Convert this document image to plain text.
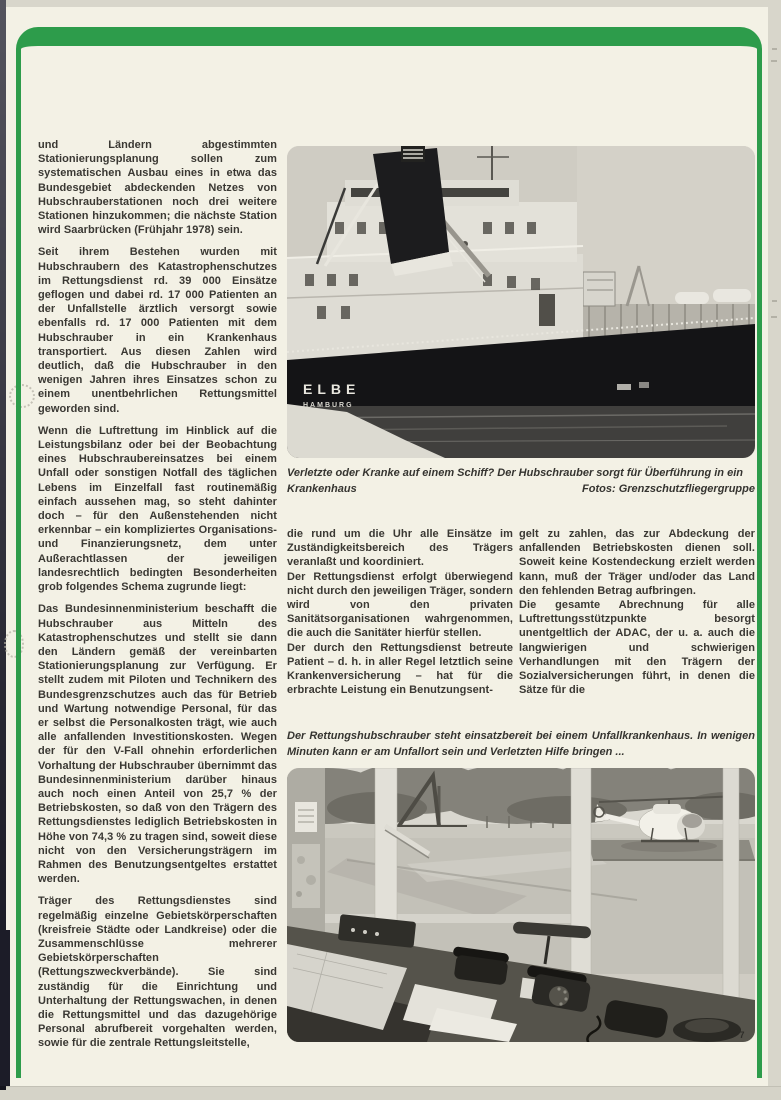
und Ländern abgestimmten Stationierungsplanung sollen zum systematischen Ausbau eines in etwa das Bundesgebiet abdeckenden Netzes von Hubschrauberstationen noch drei weitere Stationen hinzukommen; die nächste Station wird Saarbrücken (Frühjahr 1978) sein.

Seit ihrem Bestehen wurden mit Hubschraubern des Katastrophenschutzes im Rettungsdienst rd. 39 000 Einsätze geflogen und dabei rd. 17 000 Patienten an der Unfallstelle ärztlich versorgt sowie ebenfalls rd. 17 000 Patienten mit dem Hubschrauber in ein Krankenhaus transportiert. Aus diesen Zahlen wird deutlich, daß die Hubschrauber in den wenigen Jahren ihres Einsatzes schon zu einem unentbehrlichen Rettungsmittel geworden sind.

Wenn die Luftrettung im Hinblick auf die Leistungsbilanz oder bei der Beobachtung eines Hubschraubereinsatzes bei einem Unfall oder sonstigen Notfall des täglichen Lebens im Einzelfall fast routinemäßig einfach aussehen mag, so steht dahinter doch – für den Außenstehenden nicht erkennbar – ein kompliziertes Organisations- und Finanzierungsnetz, dem unter Außerachtlassen der jeweiligen landesrechtlich bedingten Besonderheiten grob folgendes Schema zugrunde liegt:

Das Bundesinnenministerium beschafft die Hubschrauber aus Mitteln des Katastrophenschutzes und stellt sie dann den Ländern gemäß der vereinbarten Stationierungsplanung zur Verfügung. Er stellt zudem mit Piloten und Technikern des Bundesgrenzschutzes auch das für Betrieb und Wartung notwendige Personal, für das er selbst die Personalkosten trägt, wie auch alle anfallenden Investitionskosten. Wegen der für den V-Fall ohnehin erforderlichen Vorhaltung der Hubschrauber übernimmt das Bundesinnenministerium darüber hinaus auch noch einen Anteil von 25,7 % der Betriebskosten, so daß von den Trägern des Rettungsdienstes lediglich Betriebskosten in Höhe von 74,3 % zu tragen sind, soweit diese nicht von den Versicherungsträgern im Rahmen des Benutzungsentgeltes erstattet werden.

Träger des Rettungsdienstes sind regelmäßig einzelne Gebietskörperschaften (kreisfreie Städte oder Landkreise) oder die Zusammenschlüsse mehrerer Gebietskörperschaften (Rettungszweckverbände). Sie sind zuständig für die Einrichtung und Unterhaltung der Rettungswachen, in denen die Rettungsmittel und das dazugehörige Personal abrufbereit vorgehalten werden, sowie für die zentrale Rettungsleitstelle,

ELBE
HAMBURG
Verletzte oder Kranke auf einem Schiff? Der Hubschrauber sorgt für Überführung in ein Krankenhaus	Fotos: Grenzschutzfliegergruppe

die rund um die Uhr alle Einsätze im Zuständigkeitsbereich des Trägers veranlaßt und koordiniert.

Der Rettungsdienst erfolgt überwiegend nicht durch den jeweiligen Träger, sondern wird von den privaten Sanitätsorganisationen wahrgenommen, die auch die Sanitäter hierfür stellen.

Der durch den Rettungsdienst betreute Patient – d. h. in aller Regel letztlich seine Krankenversicherung – hat für die erbrachte Leistung ein Benutzungsent-

gelt zu zahlen, das zur Abdeckung der anfallenden Betriebskosten dienen soll. Soweit keine Kostendeckung erzielt werden kann, muß der Träger und/oder das Land den fehlenden Betrag aufbringen.

Die gesamte Abrechnung für alle Luftrettungsstützpunkte besorgt unentgeltlich der ADAC, der u. a. auch die langwierigen und schwierigen Verhandlungen mit den Trägern der Sozialversicherungen führt, in denen die Sätze für die

Der Rettungshubschrauber steht einsatzbereit bei einem Unfallkrankenhaus. In wenigen Minuten kann er am Unfallort sein und Verletzten Hilfe bringen ...
7
